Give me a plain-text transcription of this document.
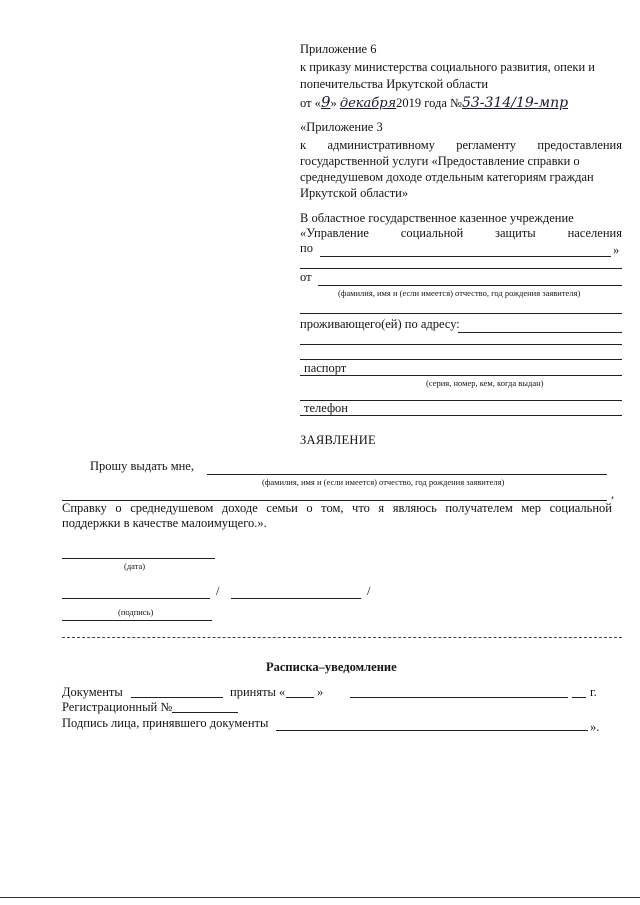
Приложение 6
к приказу министерства социального развития, опеки и
попечительства Иркутской области
от «9» декабря2019 года №53-314/19-мпр
«Приложение 3
к административному регламенту предоставления
государственной услуги «Предоставление справки о
среднедушевом доходе отдельным категориям граждан
Иркутской области»
В областное государственное казенное учреждение
«Управление	социальной	защиты	населения
по	»
от
(фамилия, имя и (если имеется) отчество, год рождения заявителя)
проживающего(ей) по адресу:
паспорт
(серия, номер, кем, когда выдан)
телефон
ЗАЯВЛЕНИЕ
Прошу выдать мне,
(фамилия, имя и (если имеется) отчество, год рождения заявителя)
,
Справку о среднедушевом доходе семьи о том, что я являюсь получателем мер социальной
поддержки в качестве малоимущего.».
(дата)
/	/
(подпись)
Расписка–уведомление
Документы	приняты «	»	г.
Регистрационный №
Подпись лица, принявшего документы	».
